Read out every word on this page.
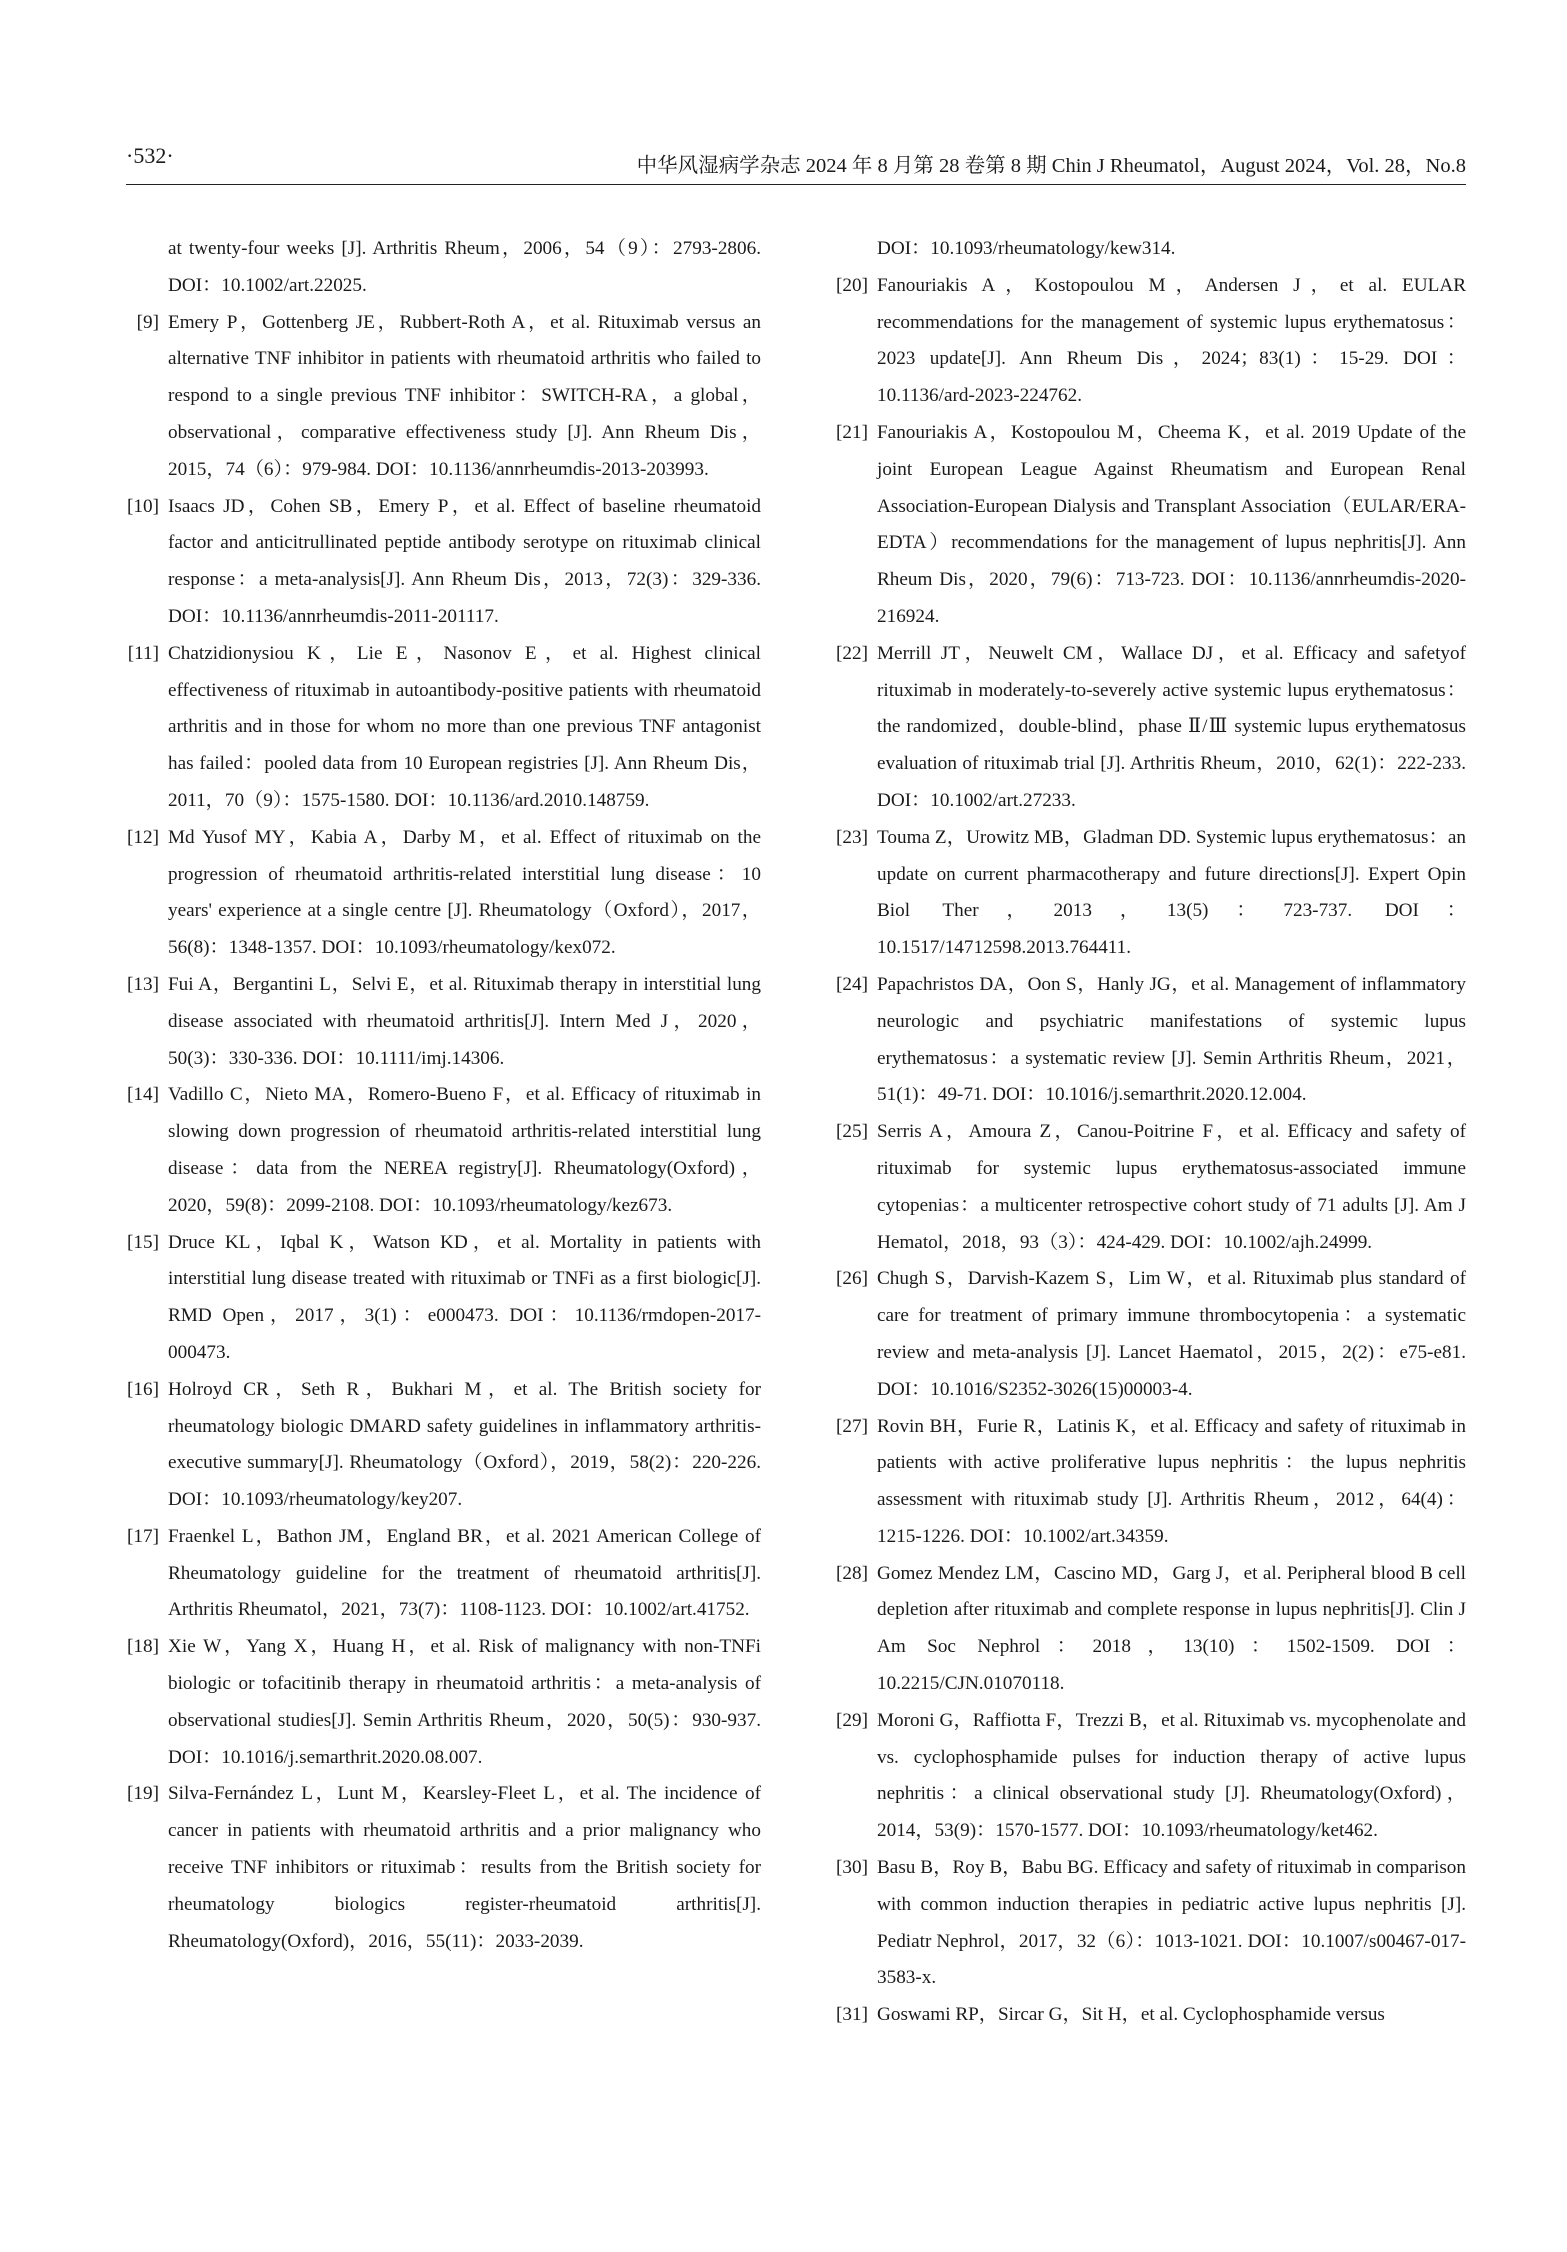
·532·	中华风湿病学杂志 2024 年 8 月第 28 卷第 8 期 Chin J Rheumatol，August 2024，Vol. 28，No.8
at twenty-four weeks [J]. Arthritis Rheum，2006，54（9）：2793-2806. DOI：10.1002/art.22025.
[9] Emery P，Gottenberg JE，Rubbert-Roth A，et al. Rituximab versus an alternative TNF inhibitor in patients with rheumatoid arthritis who failed to respond to a single previous TNF inhibitor：SWITCH-RA，a global，observational，comparative effectiveness study [J]. Ann Rheum Dis，2015，74（6）：979-984. DOI：10.1136/annrheumdis-2013-203993.
[10] Isaacs JD，Cohen SB，Emery P，et al. Effect of baseline rheumatoid factor and anticitrullinated peptide antibody serotype on rituximab clinical response：a meta-analysis[J]. Ann Rheum Dis，2013，72(3)：329-336. DOI：10.1136/annrheumdis-2011-201117.
[11] Chatzidionysiou K，Lie E，Nasonov E，et al. Highest clinical effectiveness of rituximab in autoantibody-positive patients with rheumatoid arthritis and in those for whom no more than one previous TNF antagonist has failed：pooled data from 10 European registries [J]. Ann Rheum Dis，2011，70（9）：1575-1580. DOI：10.1136/ard.2010.148759.
[12] Md Yusof MY，Kabia A，Darby M，et al. Effect of rituximab on the progression of rheumatoid arthritis-related interstitial lung disease：10 years' experience at a single centre [J]. Rheumatology（Oxford），2017，56(8)：1348-1357. DOI：10.1093/rheumatology/kex072.
[13] Fui A，Bergantini L，Selvi E，et al. Rituximab therapy in interstitial lung disease associated with rheumatoid arthritis[J]. Intern Med J，2020，50(3)：330-336. DOI：10.1111/imj.14306.
[14] Vadillo C，Nieto MA，Romero-Bueno F，et al. Efficacy of rituximab in slowing down progression of rheumatoid arthritis-related interstitial lung disease：data from the NEREA registry[J]. Rheumatology(Oxford)，2020，59(8)：2099-2108. DOI：10.1093/rheumatology/kez673.
[15] Druce KL，Iqbal K，Watson KD，et al. Mortality in patients with interstitial lung disease treated with rituximab or TNFi as a first biologic[J]. RMD Open，2017，3(1)：e000473. DOI：10.1136/rmdopen-2017-000473.
[16] Holroyd CR，Seth R，Bukhari M，et al. The British society for rheumatology biologic DMARD safety guidelines in inflammatory arthritis-executive summary[J]. Rheumatology（Oxford），2019，58(2)：220-226. DOI：10.1093/rheumatology/key207.
[17] Fraenkel L，Bathon JM，England BR，et al. 2021 American College of Rheumatology guideline for the treatment of rheumatoid arthritis[J]. Arthritis Rheumatol，2021，73(7)：1108-1123. DOI：10.1002/art.41752.
[18] Xie W，Yang X，Huang H，et al. Risk of malignancy with non-TNFi biologic or tofacitinib therapy in rheumatoid arthritis：a meta-analysis of observational studies[J]. Semin Arthritis Rheum，2020，50(5)：930-937. DOI：10.1016/j.semarthrit.2020.08.007.
[19] Silva-Fernández L，Lunt M，Kearsley-Fleet L，et al. The incidence of cancer in patients with rheumatoid arthritis and a prior malignancy who receive TNF inhibitors or rituximab：results from the British society for rheumatology biologics register-rheumatoid arthritis[J]. Rheumatology(Oxford)，2016，55(11)：2033-2039.
DOI：10.1093/rheumatology/kew314.
[20] Fanouriakis A，Kostopoulou M，Andersen J，et al. EULAR recommendations for the management of systemic lupus erythematosus：2023 update[J]. Ann Rheum Dis，2024；83(1)：15-29. DOI：10.1136/ard-2023-224762.
[21] Fanouriakis A，Kostopoulou M，Cheema K，et al. 2019 Update of the joint European League Against Rheumatism and European Renal Association-European Dialysis and Transplant Association（EULAR/ERA-EDTA）recommendations for the management of lupus nephritis[J]. Ann Rheum Dis，2020，79(6)：713-723. DOI：10.1136/annrheumdis-2020-216924.
[22] Merrill JT，Neuwelt CM，Wallace DJ，et al. Efficacy and safetyof rituximab in moderately-to-severely active systemic lupus erythematosus：the randomized，double-blind，phase Ⅱ/Ⅲ systemic lupus erythematosus evaluation of rituximab trial [J]. Arthritis Rheum，2010，62(1)：222-233. DOI：10.1002/art.27233.
[23] Touma Z，Urowitz MB，Gladman DD. Systemic lupus erythematosus：an update on current pharmacotherapy and future directions[J]. Expert Opin Biol Ther，2013，13(5)：723-737. DOI：10.1517/14712598.2013.764411.
[24] Papachristos DA，Oon S，Hanly JG，et al. Management of inflammatory neurologic and psychiatric manifestations of systemic lupus erythematosus：a systematic review [J]. Semin Arthritis Rheum，2021，51(1)：49-71. DOI：10.1016/j.semarthrit.2020.12.004.
[25] Serris A，Amoura Z，Canou-Poitrine F，et al. Efficacy and safety of rituximab for systemic lupus erythematosus-associated immune cytopenias：a multicenter retrospective cohort study of 71 adults [J]. Am J Hematol，2018，93（3）：424-429. DOI：10.1002/ajh.24999.
[26] Chugh S，Darvish-Kazem S，Lim W，et al. Rituximab plus standard of care for treatment of primary immune thrombocytopenia：a systematic review and meta-analysis [J]. Lancet Haematol，2015，2(2)：e75-e81. DOI：10.1016/S2352-3026(15)00003-4.
[27] Rovin BH，Furie R，Latinis K，et al. Efficacy and safety of rituximab in patients with active proliferative lupus nephritis：the lupus nephritis assessment with rituximab study [J]. Arthritis Rheum，2012，64(4)：1215-1226. DOI：10.1002/art.34359.
[28] Gomez Mendez LM，Cascino MD，Garg J，et al. Peripheral blood B cell depletion after rituximab and complete response in lupus nephritis[J]. Clin J Am Soc Nephrol：2018，13(10)：1502-1509. DOI：10.2215/CJN.01070118.
[29] Moroni G，Raffiotta F，Trezzi B，et al. Rituximab vs. mycophenolate and vs. cyclophosphamide pulses for induction therapy of active lupus nephritis：a clinical observational study [J]. Rheumatology(Oxford)，2014，53(9)：1570-1577. DOI：10.1093/rheumatology/ket462.
[30] Basu B，Roy B，Babu BG. Efficacy and safety of rituximab in comparison with common induction therapies in pediatric active lupus nephritis [J]. Pediatr Nephrol，2017，32（6）：1013-1021. DOI：10.1007/s00467-017-3583-x.
[31] Goswami RP，Sircar G，Sit H，et al. Cyclophosphamide versus
